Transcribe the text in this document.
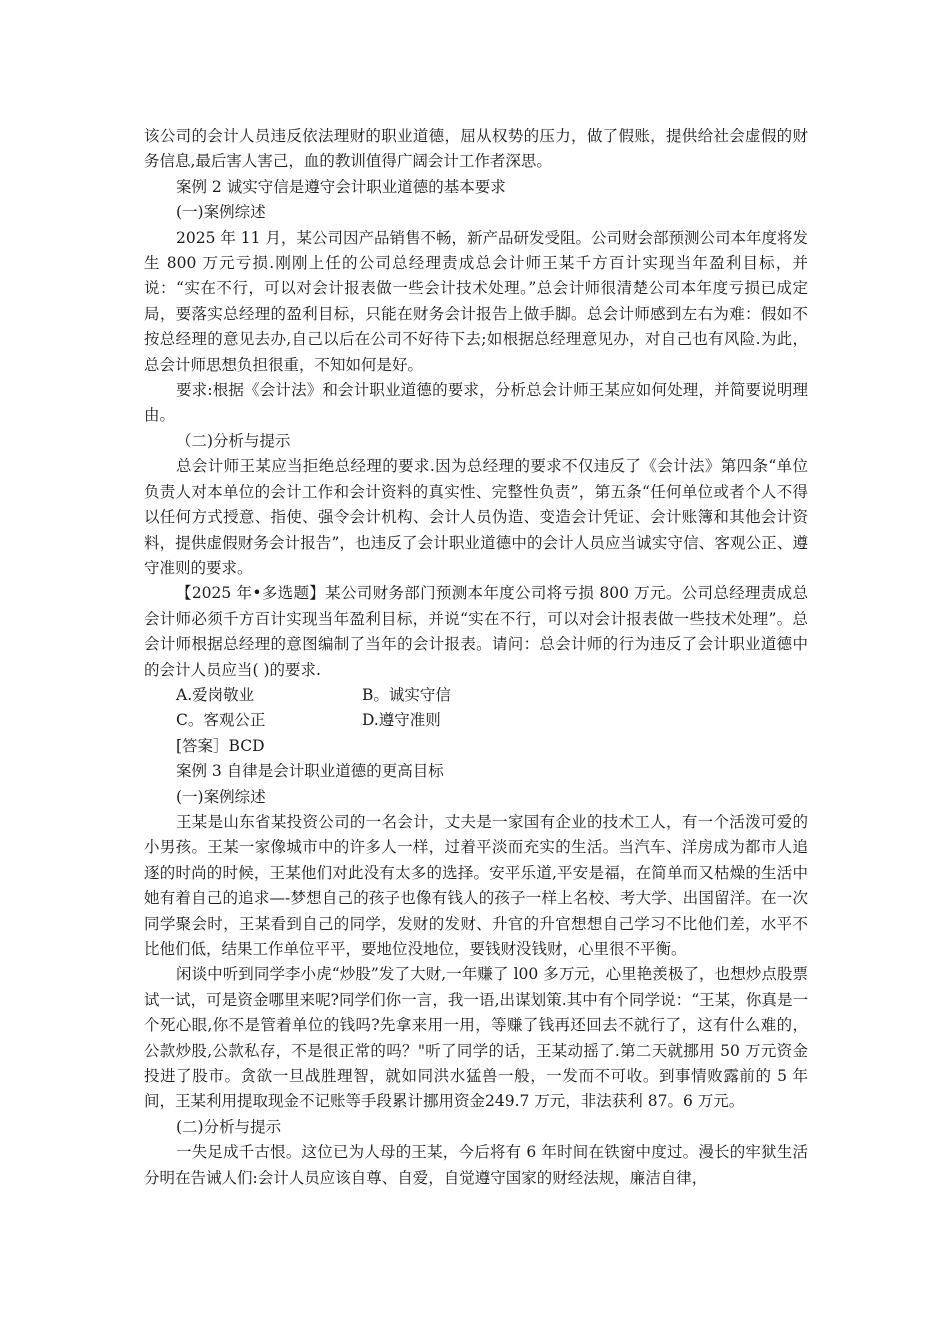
该公司的会计人员违反依法理财的职业道德，屈从权势的压力，做了假账，提供给社会虚假的财务信息,最后害人害己，血的教训值得广阔会计工作者深思。

案例 2 诚实守信是遵守会计职业道德的基本要求

(一)案例综述

2025 年 11 月，某公司因产品销售不畅，新产品研发受阻。公司财会部预测公司本年度将发生 800 万元亏损.刚刚上任的公司总经理责成总会计师王某千方百计实现当年盈利目标，并说：“实在不行，可以对会计报表做一些会计技术处理。”总会计师很清楚公司本年度亏损已成定局，要落实总经理的盈利目标，只能在财务会计报告上做手脚。总会计师感到左右为难：假如不按总经理的意见去办,自己以后在公司不好待下去;如根据总经理意见办，对自己也有风险.为此，总会计师思想负担很重，不知如何是好。

要求:根据《会计法》和会计职业道德的要求，分析总会计师王某应如何处理，并简要说明理由。

（二)分析与提示

总会计师王某应当拒绝总经理的要求.因为总经理的要求不仅违反了《会计法》第四条“单位负责人对本单位的会计工作和会计资料的真实性、完整性负责”，第五条“任何单位或者个人不得以任何方式授意、指使、强令会计机构、会计人员伪造、变造会计凭证、会计账簿和其他会计资料，提供虚假财务会计报告”，也违反了会计职业道德中的会计人员应当诚实守信、客观公正、遵守准则的要求。

【2025 年•多选题】某公司财务部门预测本年度公司将亏损 800 万元。公司总经理责成总会计师必须千方百计实现当年盈利目标，并说“实在不行，可以对会计报表做一些技术处理”。总会计师根据总经理的意图编制了当年的会计报表。请问：总会计师的行为违反了会计职业道德中的会计人员应当( )的要求.

A.爱岗敬业	B。诚实守信
C。客观公正	D.遵守准则

[答案］BCD

案例 3 自律是会计职业道德的更高目标

(一)案例综述

王某是山东省某投资公司的一名会计，丈夫是一家国有企业的技术工人，有一个活泼可爱的小男孩。王某一家像城市中的许多人一样，过着平淡而充实的生活。当汽车、洋房成为都市人追逐的时尚的时候，王某他们对此没有太多的选择。安平乐道,平安是福，在简单而又枯燥的生活中她有着自己的追求—-梦想自己的孩子也像有钱人的孩子一样上名校、考大学、出国留洋。在一次同学聚会时，王某看到自己的同学，发财的发财、升官的升官想想自己学习不比他们差，水平不比他们低，结果工作单位平平，要地位没地位，要钱财没钱财，心里很不平衡。

闲谈中听到同学李小虎“炒股”发了大财,一年赚了 l00 多万元，心里艳羡极了，也想炒点股票试一试，可是资金哪里来呢?同学们你一言，我一语,出谋划策.其中有个同学说：“王某，你真是一个死心眼,你不是管着单位的钱吗?先拿来用一用，等赚了钱再还回去不就行了，这有什么难的，公款炒股,公款私存，不是很正常的吗？"听了同学的话，王某动摇了.第二天就挪用 50 万元资金投进了股市。贪欲一旦战胜理智，就如同洪水猛兽一般，一发而不可收。到事情败露前的 5 年间，王某利用提取现金不记账等手段累计挪用资金249.7 万元，非法获利 87。6 万元。

(二)分析与提示

一失足成千古恨。这位已为人母的王某，今后将有 6 年时间在铁窗中度过。漫长的牢狱生活分明在告诫人们:会计人员应该自尊、自爱，自觉遵守国家的财经法规，廉洁自律，
